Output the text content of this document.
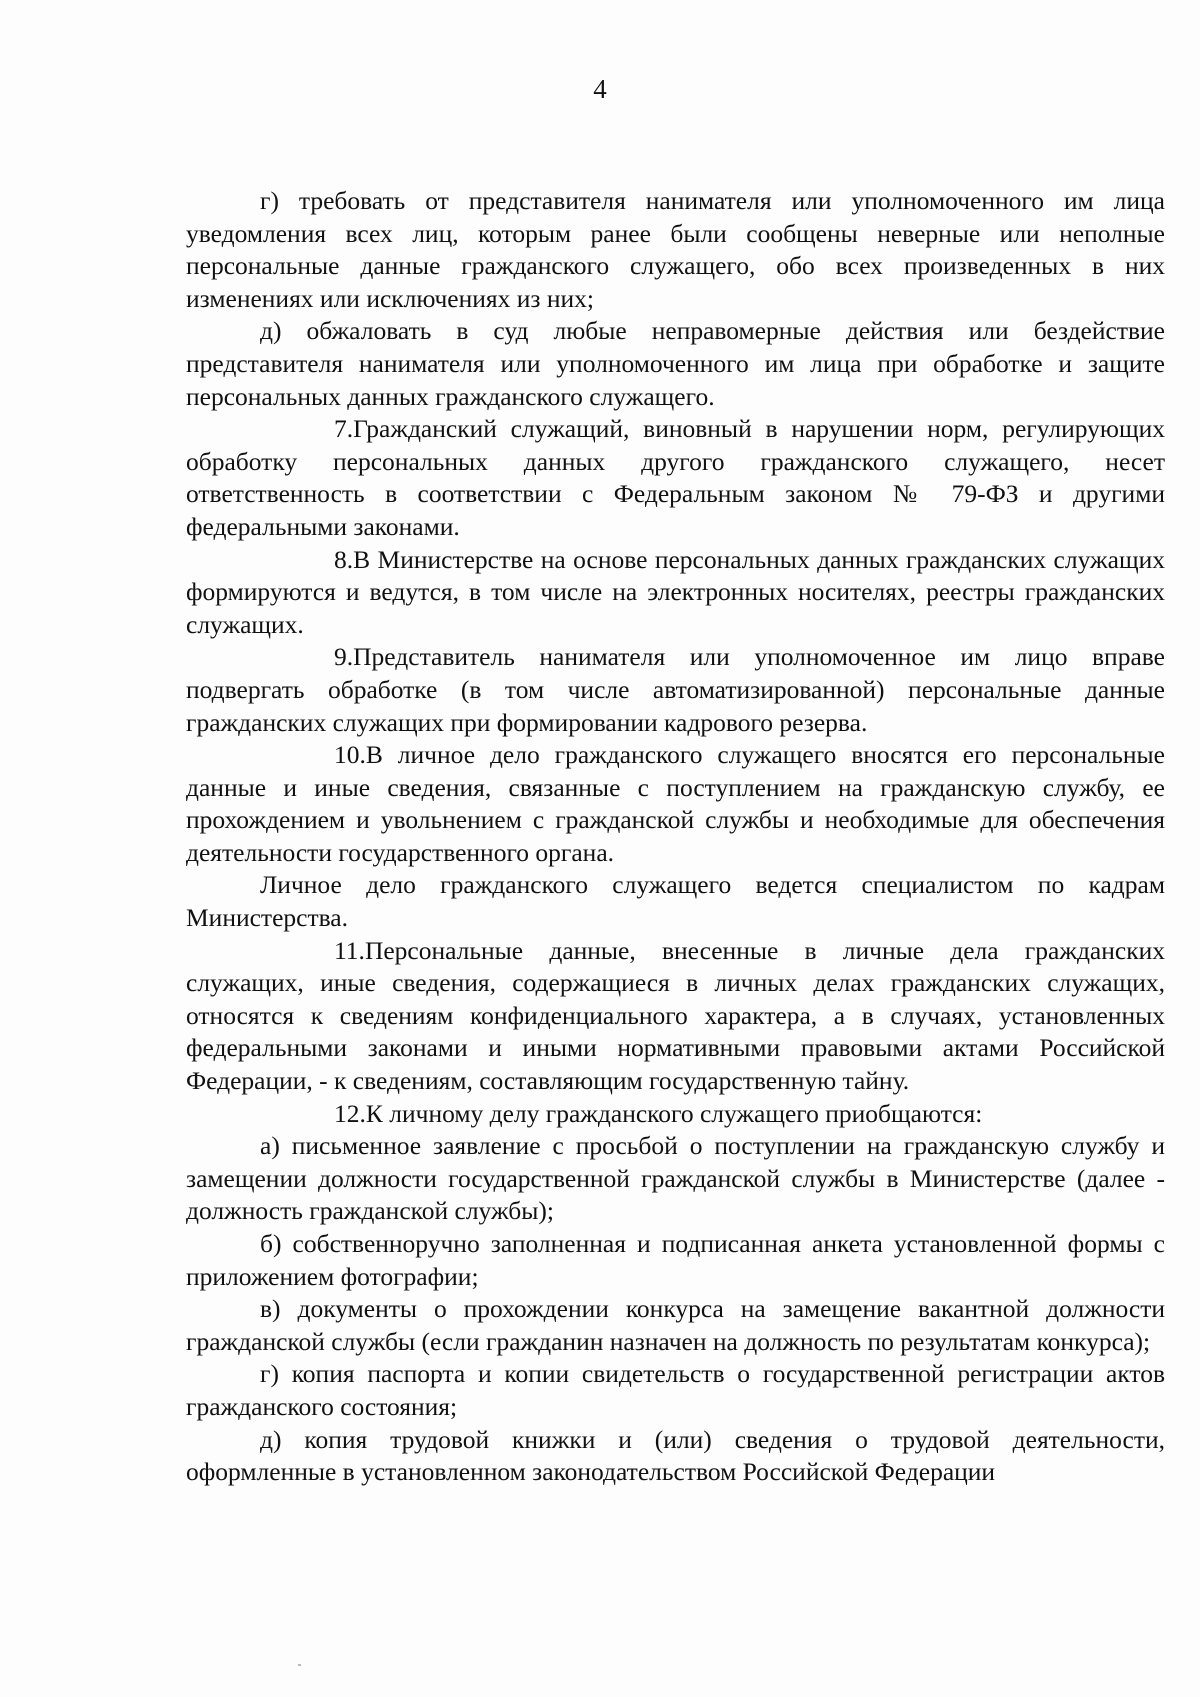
4

г) требовать от представителя нанимателя или уполномоченного им лица уведомления всех лиц, которым ранее были сообщены неверные или неполные персональные данные гражданского служащего, обо всех произведенных в них изменениях или исключениях из них;

д) обжаловать в суд любые неправомерные действия или бездействие представителя нанимателя или уполномоченного им лица при обработке и защите персональных данных гражданского служащего.

7.Гражданский служащий, виновный в нарушении норм, регулирующих обработку персональных данных другого гражданского служащего, несет ответственность в соответствии с Федеральным законом № 79-ФЗ и другими федеральными законами.

8.В Министерстве на основе персональных данных гражданских служащих формируются и ведутся, в том числе на электронных носителях, реестры гражданских служащих.

9.Представитель нанимателя или уполномоченное им лицо вправе подвергать обработке (в том числе автоматизированной) персональные данные гражданских служащих при формировании кадрового резерва.

10.В личное дело гражданского служащего вносятся его персональные данные и иные сведения, связанные с поступлением на гражданскую службу, ее прохождением и увольнением с гражданской службы и необходимые для обеспечения деятельности государственного органа.

Личное дело гражданского служащего ведется специалистом по кадрам Министерства.

11.Персональные данные, внесенные в личные дела гражданских служащих, иные сведения, содержащиеся в личных делах гражданских служащих, относятся к сведениям конфиденциального характера, а в случаях, установленных федеральными законами и иными нормативными правовыми актами Российской Федерации, - к сведениям, составляющим государственную тайну.

12.К личному делу гражданского служащего приобщаются:

а) письменное заявление с просьбой о поступлении на гражданскую службу и замещении должности государственной гражданской службы в Министерстве (далее - должность гражданской службы);

б) собственноручно заполненная и подписанная анкета установленной формы с приложением фотографии;

в) документы о прохождении конкурса на замещение вакантной должности гражданской службы (если гражданин назначен на должность по результатам конкурса);

г) копия паспорта и копии свидетельств о государственной регистрации актов гражданского состояния;

д) копия трудовой книжки и (или) сведения о трудовой деятельности, оформленные в установленном законодательством Российской Федерации
